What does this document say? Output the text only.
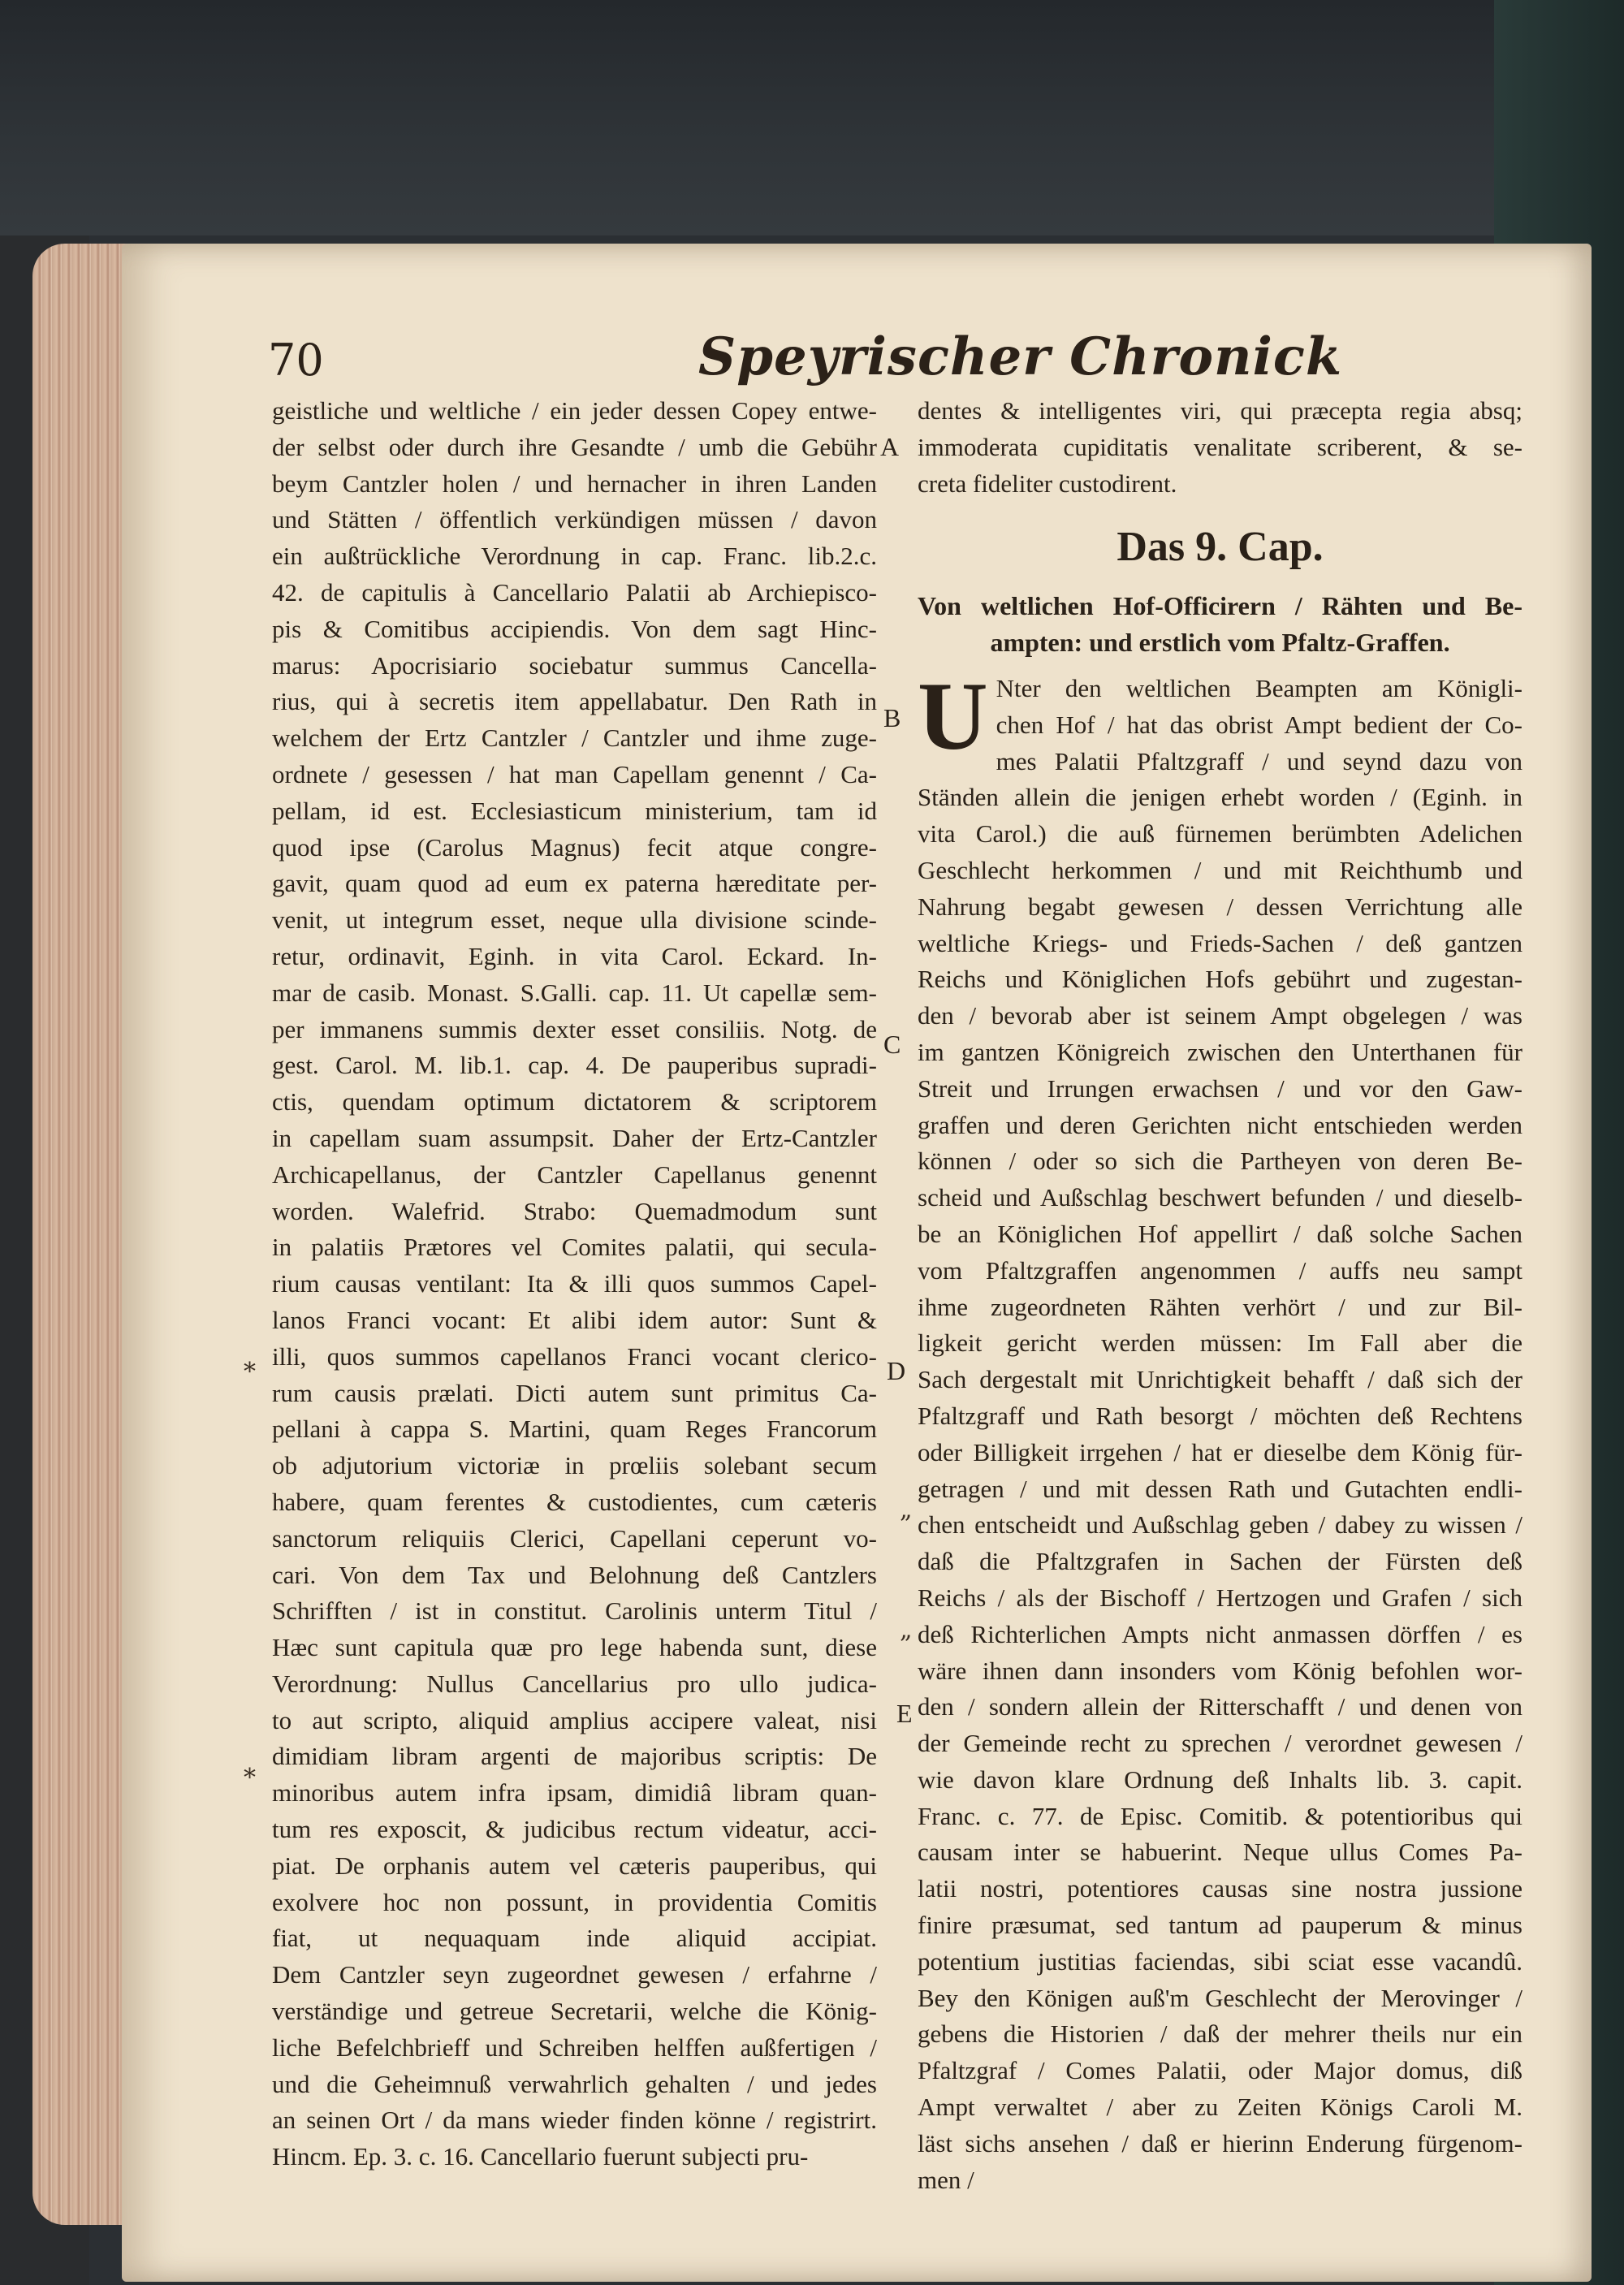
70	Speyrischer Chronick
geistliche und weltliche / ein jeder dessen Copey entwe-
der selbst oder durch ihre Gesandte / umb die Gebühr
beym Cantzler holen / und hernacher in ihren Landen
und Stätten / öffentlich verkündigen müssen / davon
ein außtrückliche Verordnung in cap. Franc. lib.2.c.
42. de capitulis à Cancellario Palatii ab Archiepisco-
pis & Comitibus accipiendis. Von dem sagt Hinc-
marus: Apocrisiario sociebatur summus Cancella-
rius, qui à secretis item appellabatur. Den Rath in
welchem der Ertz Cantzler / Cantzler und ihme zuge-
ordnete / gesessen / hat man Capellam genennt / Ca-
pellam, id est. Ecclesiasticum ministerium, tam id
quod ipse (Carolus Magnus) fecit atque congre-
gavit, quam quod ad eum ex paterna hæreditate per-
venit, ut integrum esset, neque ulla divisione scinde-
retur, ordinavit, Eginh. in vita Carol. Eckard. In-
mar de casib. Monast. S.Galli. cap. 11. Ut capellæ sem-
per immanens summis dexter esset consiliis. Notg. de
gest. Carol. M. lib.1. cap. 4. De pauperibus supradi-
ctis, quendam optimum dictatorem & scriptorem
in capellam suam assumpsit. Daher der Ertz-Cantzler
Archicapellanus, der Cantzler Capellanus genennt
worden. Walefrid. Strabo: Quemadmodum sunt
in palatiis Prætores vel Comites palatii, qui secula-
rium causas ventilant: Ita & illi quos summos Capel-
lanos Franci vocant: Et alibi idem autor: Sunt &
illi, quos summos capellanos Franci vocant clerico-
rum causis prælati. Dicti autem sunt primitus Ca-
pellani à cappa S. Martini, quam Reges Francorum
ob adjutorium victoriæ in prœliis solebant secum
habere, quam ferentes & custodientes, cum cæteris
sanctorum reliquiis Clerici, Capellani ceperunt vo-
cari. Von dem Tax und Belohnung deß Cantzlers
Schrifften / ist in constitut. Carolinis unterm Titul /
Hæc sunt capitula quæ pro lege habenda sunt, diese
Verordnung: Nullus Cancellarius pro ullo judica-
to aut scripto, aliquid amplius accipere valeat, nisi
dimidiam libram argenti de majoribus scriptis: De
minoribus autem infra ipsam, dimidiâ libram quan-
tum res exposcit, & judicibus rectum videatur, acci-
piat. De orphanis autem vel cæteris pauperibus, qui
exolvere hoc non possunt, in providentia Comitis
fiat, ut nequaquam inde aliquid accipiat.
Dem Cantzler seyn zugeordnet gewesen / erfahrne /
verständige und getreue Secretarii, welche die König-
liche Befelchbrieff und Schreiben helffen außfertigen /
und die Geheimnuß verwahrlich gehalten / und jedes
an seinen Ort / da mans wieder finden könne / registrirt.
Hincm. Ep. 3. c. 16. Cancellario fuerunt subjecti pru-
dentes & intelligentes viri, qui præcepta regia absq;
immoderata cupiditatis venalitate scriberent, & se-
creta fideliter custodirent.
Das 9. Cap.
Von weltlichen Hof-Officirern / Rähten und Be-
ampten: und erstlich vom Pfaltz-Graffen.
U Nter den weltlichen Beampten am Königli-
chen Hof / hat das obrist Ampt bedient der Co-
mes Palatii Pfaltzgraff / und seynd dazu von
Ständen allein die jenigen erhebt worden / (Eginh. in
vita Carol.) die auß fürnemen berümbten Adelichen
Geschlecht herkommen / und mit Reichthumb und
Nahrung begabt gewesen / dessen Verrichtung alle
weltliche Kriegs- und Frieds-Sachen / deß gantzen
Reichs und Königlichen Hofs gebührt und zugestan-
den / bevorab aber ist seinem Ampt obgelegen / was
im gantzen Königreich zwischen den Unterthanen für
Streit und Irrungen erwachsen / und vor den Gaw-
graffen und deren Gerichten nicht entschieden werden
können / oder so sich die Partheyen von deren Be-
scheid und Außschlag beschwert befunden / und dieselb-
be an Königlichen Hof appellirt / daß solche Sachen
vom Pfaltzgraffen angenommen / auffs neu sampt
ihme zugeordneten Rähten verhört / und zur Bil-
ligkeit gericht werden müssen: Im Fall aber die
Sach dergestalt mit Unrichtigkeit behafft / daß sich der
Pfaltzgraff und Rath besorgt / möchten deß Rechtens
oder Billigkeit irrgehen / hat er dieselbe dem König für-
getragen / und mit dessen Rath und Gutachten endli-
chen entscheidt und Außschlag geben / dabey zu wissen /
daß die Pfaltzgrafen in Sachen der Fürsten deß
Reichs / als der Bischoff / Hertzogen und Grafen / sich
deß Richterlichen Ampts nicht anmassen dörffen / es
wäre ihnen dann insonders vom König befohlen wor-
den / sondern allein der Ritterschafft / und denen von
der Gemeinde recht zu sprechen / verordnet gewesen /
wie davon klare Ordnung deß Inhalts lib. 3. capit.
Franc. c. 77. de Episc. Comitib. & potentioribus qui
causam inter se habuerint. Neque ullus Comes Pa-
latii nostri, potentiores causas sine nostra jussione
finire præsumat, sed tantum ad pauperum & minus
potentium justitias faciendas, sibi sciat esse vacandû.
Bey den Königen auß'm Geschlecht der Merovinger /
gebens die Historien / daß der mehrer theils nur ein
Pfaltzgraf / Comes Palatii, oder Major domus, diß
Ampt verwaltet / aber zu Zeiten Königs Caroli M.
läst sichs ansehen / daß er hierinn Enderung fürgenom-
men /
A
B
C
D
E
*
„
„
*
